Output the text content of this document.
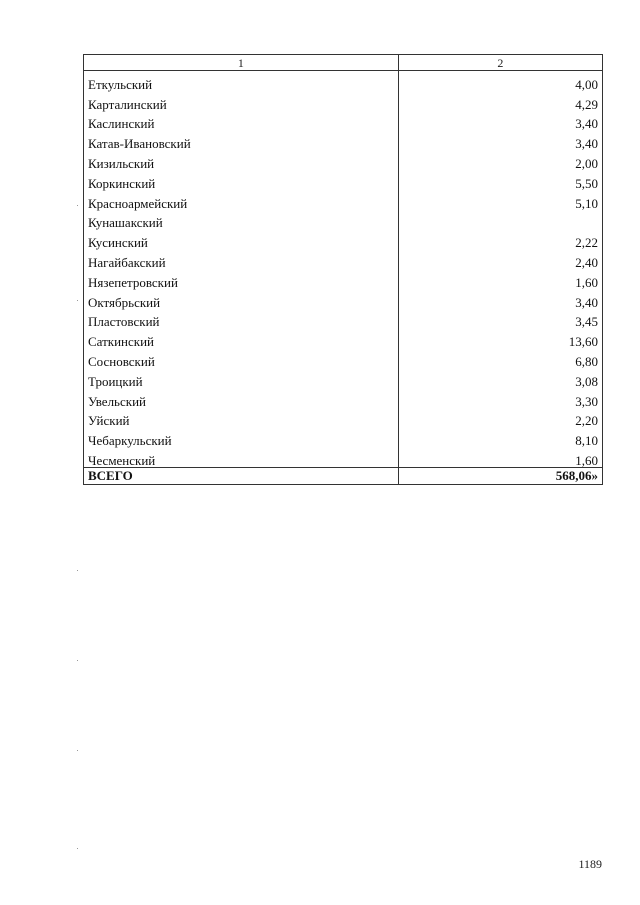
1	2
Еткульский	4,00
Карталинский	4,29
Каслинский	3,40
Катав-Ивановский	3,40
Кизильский	2,00
Коркинский	5,50
Красноармейский	5,10
Кунашакский	
Кусинский	2,22
Нагайбакский	2,40
Нязепетровский	1,60
Октябрьский	3,40
Пластовский	3,45
Саткинский	13,60
Сосновский	6,80
Троицкий	3,08
Увельский	3,30
Уйский	2,20
Чебаркульский	8,10
Чесменский	1,60
ВСЕГО	568,06»
1189
